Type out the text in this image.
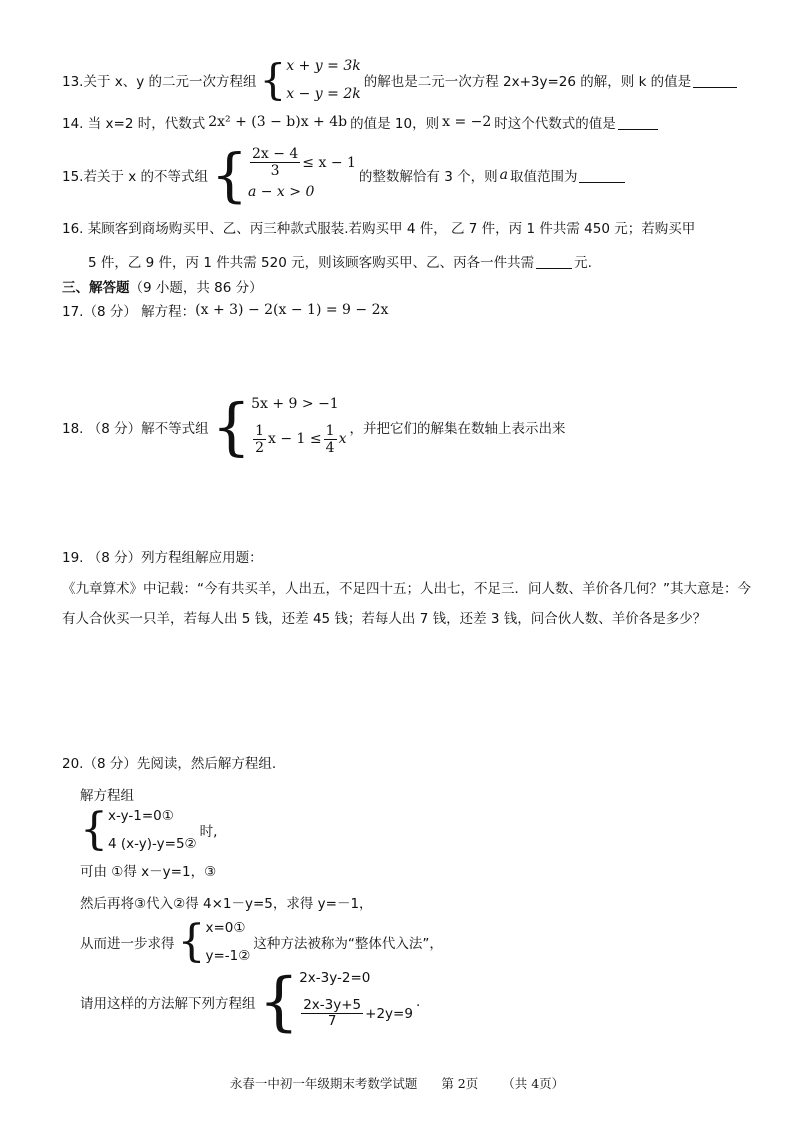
13.关于 x、y 的二元一次方程组 { x + y = 3k
x − y = 2k
的解也是二元一次方程 2x+3y=26 的解，则 k 的值是
14. 当 x=2 时，代数式 2x² + (3 − b)x + 4b 的值是 10，则 x = −2 时这个代数式的值是
15.若关于 x 的不等式组 { $\frac{2x - 4}{3} \le x - 1$
a − x > 0
的整数解恰有 3 个，则 a 取值范围为
16. 某顾客到商场购买甲、乙、丙三种款式服装.若购买甲 4 件， 乙 7 件，丙 1 件共需 450 元；若购买甲
5 件，乙 9 件，丙 1 件共需 520 元，则该顾客购买甲、乙、丙各一件共需	元.
三、解答题 （9 小题，共 86 分）
17.（8 分） 解方程： (x + 3) − 2(x − 1) = 9 − 2x
18. （8 分）解不等式组 { 5x + 9 > −1
$\frac{1}{2}$ $x - 1 \le \frac{1}{4}$ x
，并把它们的解集在数轴上表示出来
19. （8 分）列方程组解应用题：
《九章算术》中记载：“今有共买羊，人出五，不足四十五；人出七，不足三．问人数、羊价各几何？”其大意是：今有人合伙买一只羊，若每人出 5 钱，还差 45 钱；若每人出 7 钱，还差 3 钱，问合伙人数、羊价各是多少？
20.（8 分）先阅读，然后解方程组.
解方程组
{ x-y-1=0①
4 (x-y)-y=5②
时,
可由 ①得 x－y=1，③
然后再将③代入②得 4×1－y=5，求得 y=－1，
从而进一步求得 { x=0①
y=-1②
这种方法被称为“整体代入法”，
请用这样的方法解下列方程组 { 2x-3y-2=0
$\frac{2x-3y+5}{7} +2y=9$
.
永春一中初一年级期末考数学试题 第 2页 （共 4页）
